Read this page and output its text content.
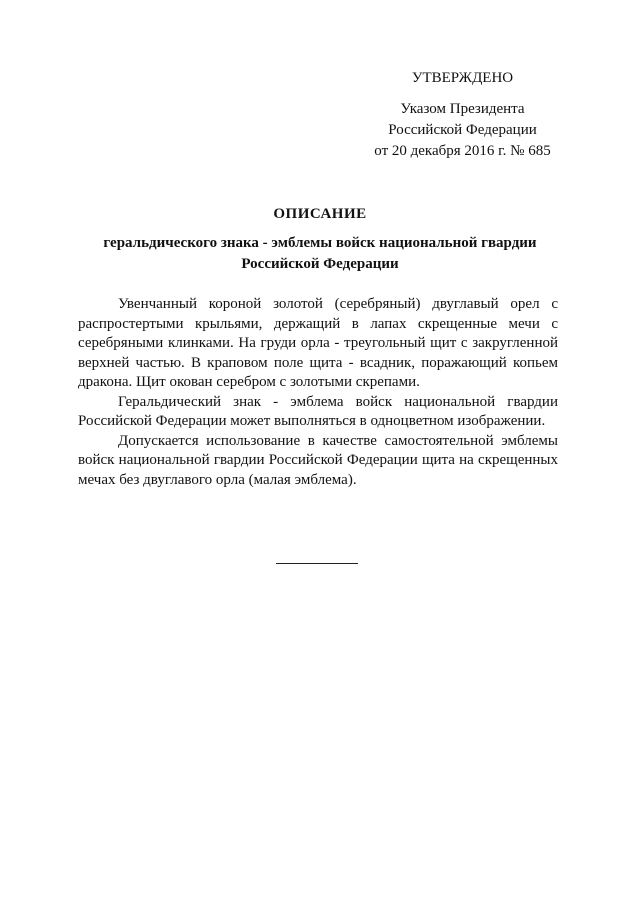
УТВЕРЖДЕНО
Указом Президента
Российской Федерации
от 20 декабря 2016 г. № 685
ОПИСАНИЕ
геральдического знака - эмблемы войск национальной гвардии
Российской Федерации

Увенчанный короной золотой (серебряный) двуглавый орел с распростертыми крыльями, держащий в лапах скрещенные мечи с серебряными клинками. На груди орла - треугольный щит с закругленной верхней частью. В краповом поле щита - всадник, поражающий копьем дракона. Щит окован серебром с золотыми скрепами.

Геральдический знак - эмблема войск национальной гвардии Российской Федерации может выполняться в одноцветном изображении.

Допускается использование в качестве самостоятельной эмблемы войск национальной гвардии Российской Федерации щита на скрещенных мечах без двуглавого орла (малая эмблема).
